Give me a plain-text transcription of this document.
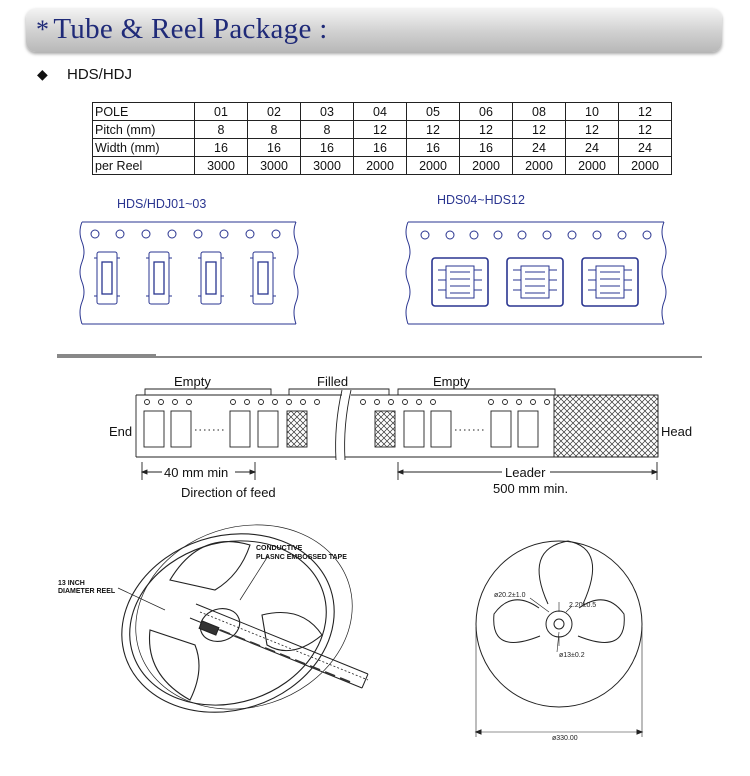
* Tube & Reel Package :
◆ HDS/HDJ
POLE	01	02	03	04	05	06	08	10	12
Pitch (mm)	8	8	8	12	12	12	12	12	12
Width (mm)	16	16	16	16	16	16	24	24	24
per Reel	3000	3000	3000	2000	2000	2000	2000	2000	2000
HDS/HDJ01~03	HDS04~HDS12
Empty	Filled	Empty
End	Head
40 mm min
Direction of feed
Leader
500 mm min.
CONDUCTIVE
PLASNC EMBOSSED TAPE
13 INCH
DIAMETER REEL
ø20.2±1.0
2.20±0.5
ø13±0.2
ø330.00
